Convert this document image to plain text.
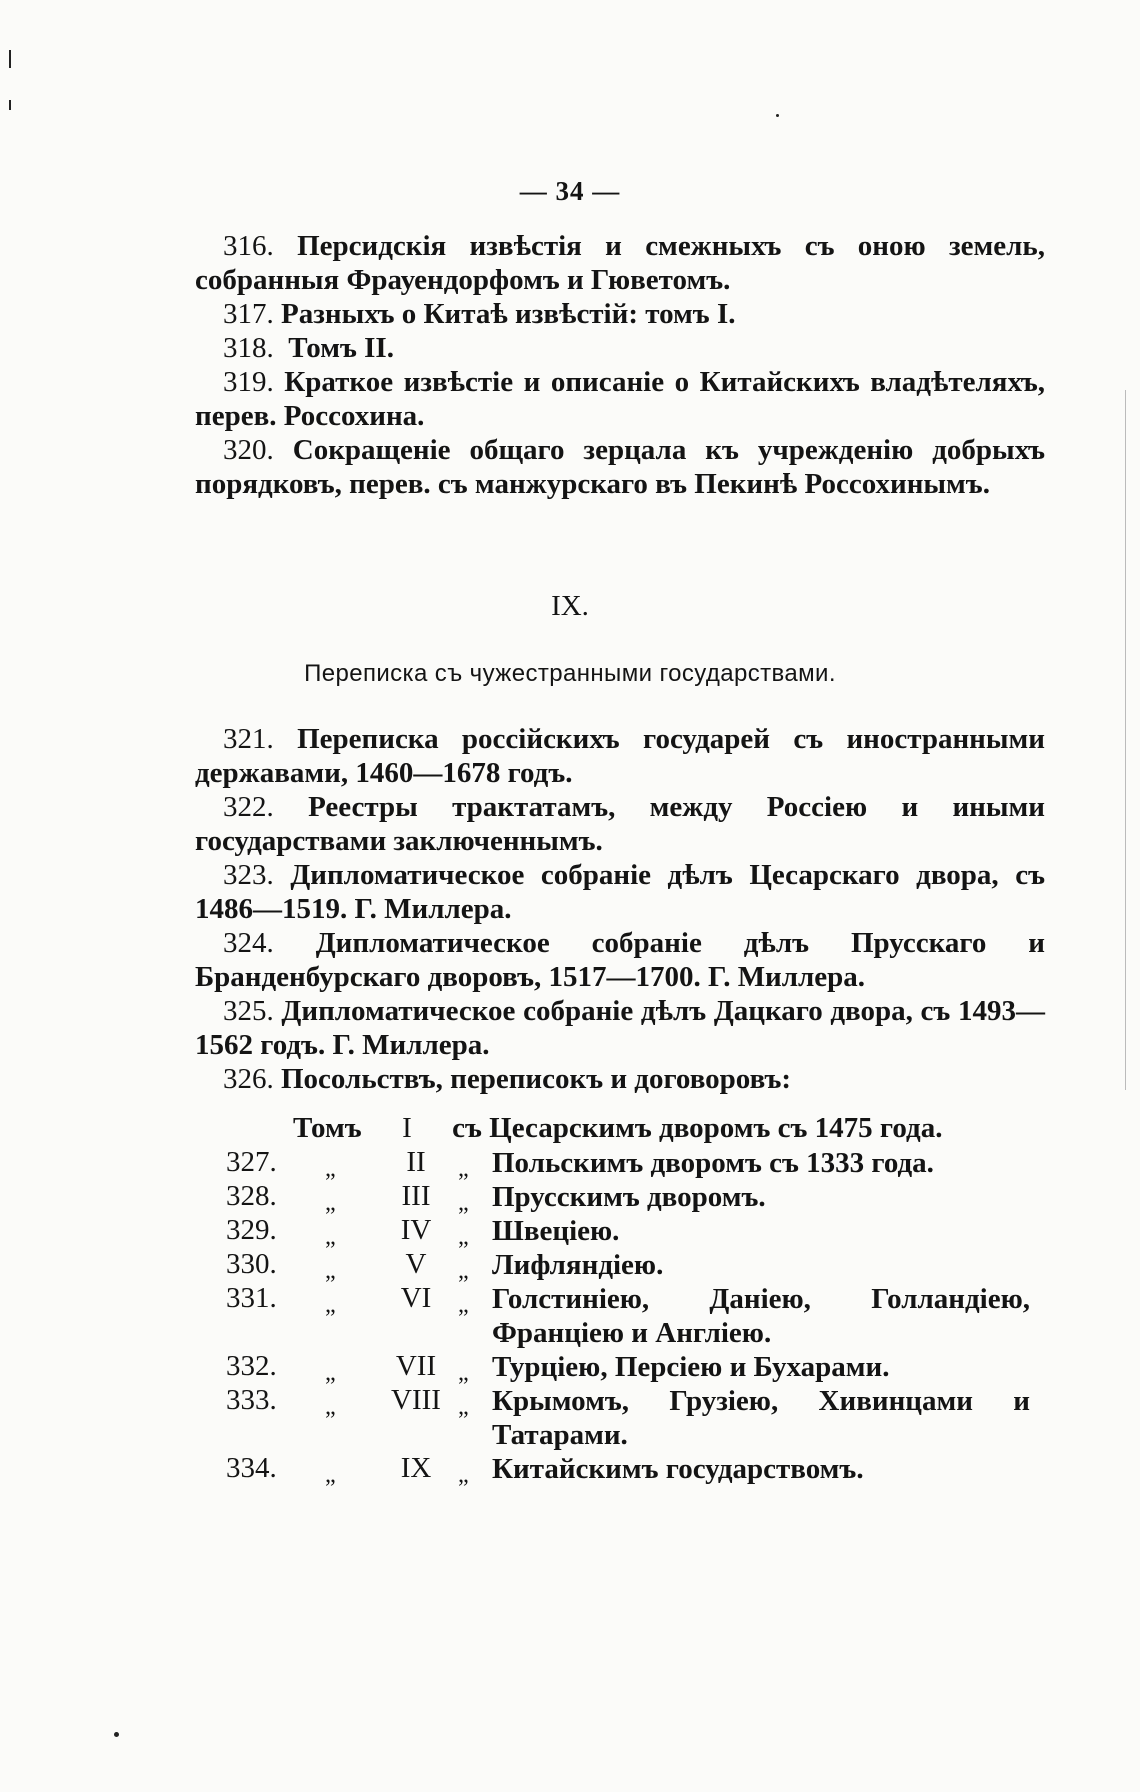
— 34 —

316. Персидскія извѣстія и смежныхъ съ оною земель, собранныя Фрауендорфомъ и Гюветомъ.

317. Разныхъ о Китаѣ извѣстій: томъ I.

318. Томъ II.

319. Краткое извѣстіе и описаніе о Китайскихъ владѣтеляхъ, перев. Россохина.

320. Сокращеніе общаго зерцала къ учрежденію добрыхъ порядковъ, перев. съ манжурскаго въ Пекинѣ Россохинымъ.

IX.
Переписка съ чужестранными государствами.

321. Переписка россійскихъ государей съ иностранными державами, 1460—1678 годъ.

322. Реестры трактатамъ, между Россіею и иными государствами заключеннымъ.

323. Дипломатическое собраніе дѣлъ Цесарскаго двора, съ 1486—1519. Г. Миллера.

324. Дипломатическое собраніе дѣлъ Прусскаго и Бранденбурскаго дворовъ, 1517—1700. Г. Миллера.

325. Дипломатическое собраніе дѣлъ Дацкаго двора, съ 1493—1562 годъ. Г. Миллера.

326. Посольствъ, переписокъ и договоровъ:

Томъ I съ Цесарскимъ дворомъ съ 1475 года.
327. „	II	„ Польскимъ дворомъ съ 1333 года.
328. „	III	„ Прусскимъ дворомъ.
329. „	IV	„ Швеціею.
330. „	V	„ Лифляндіею.
331. „	VI	„ Голстиніею, Даніею, Голландіею, Франціею и Англіею.
332. „	VII „ Турціею, Персіею и Бухарами.
333. „	VIII „ Крымомъ, Грузіею, Хивинцами и Татарами.
334. „	IX	„ Китайскимъ государствомъ.
